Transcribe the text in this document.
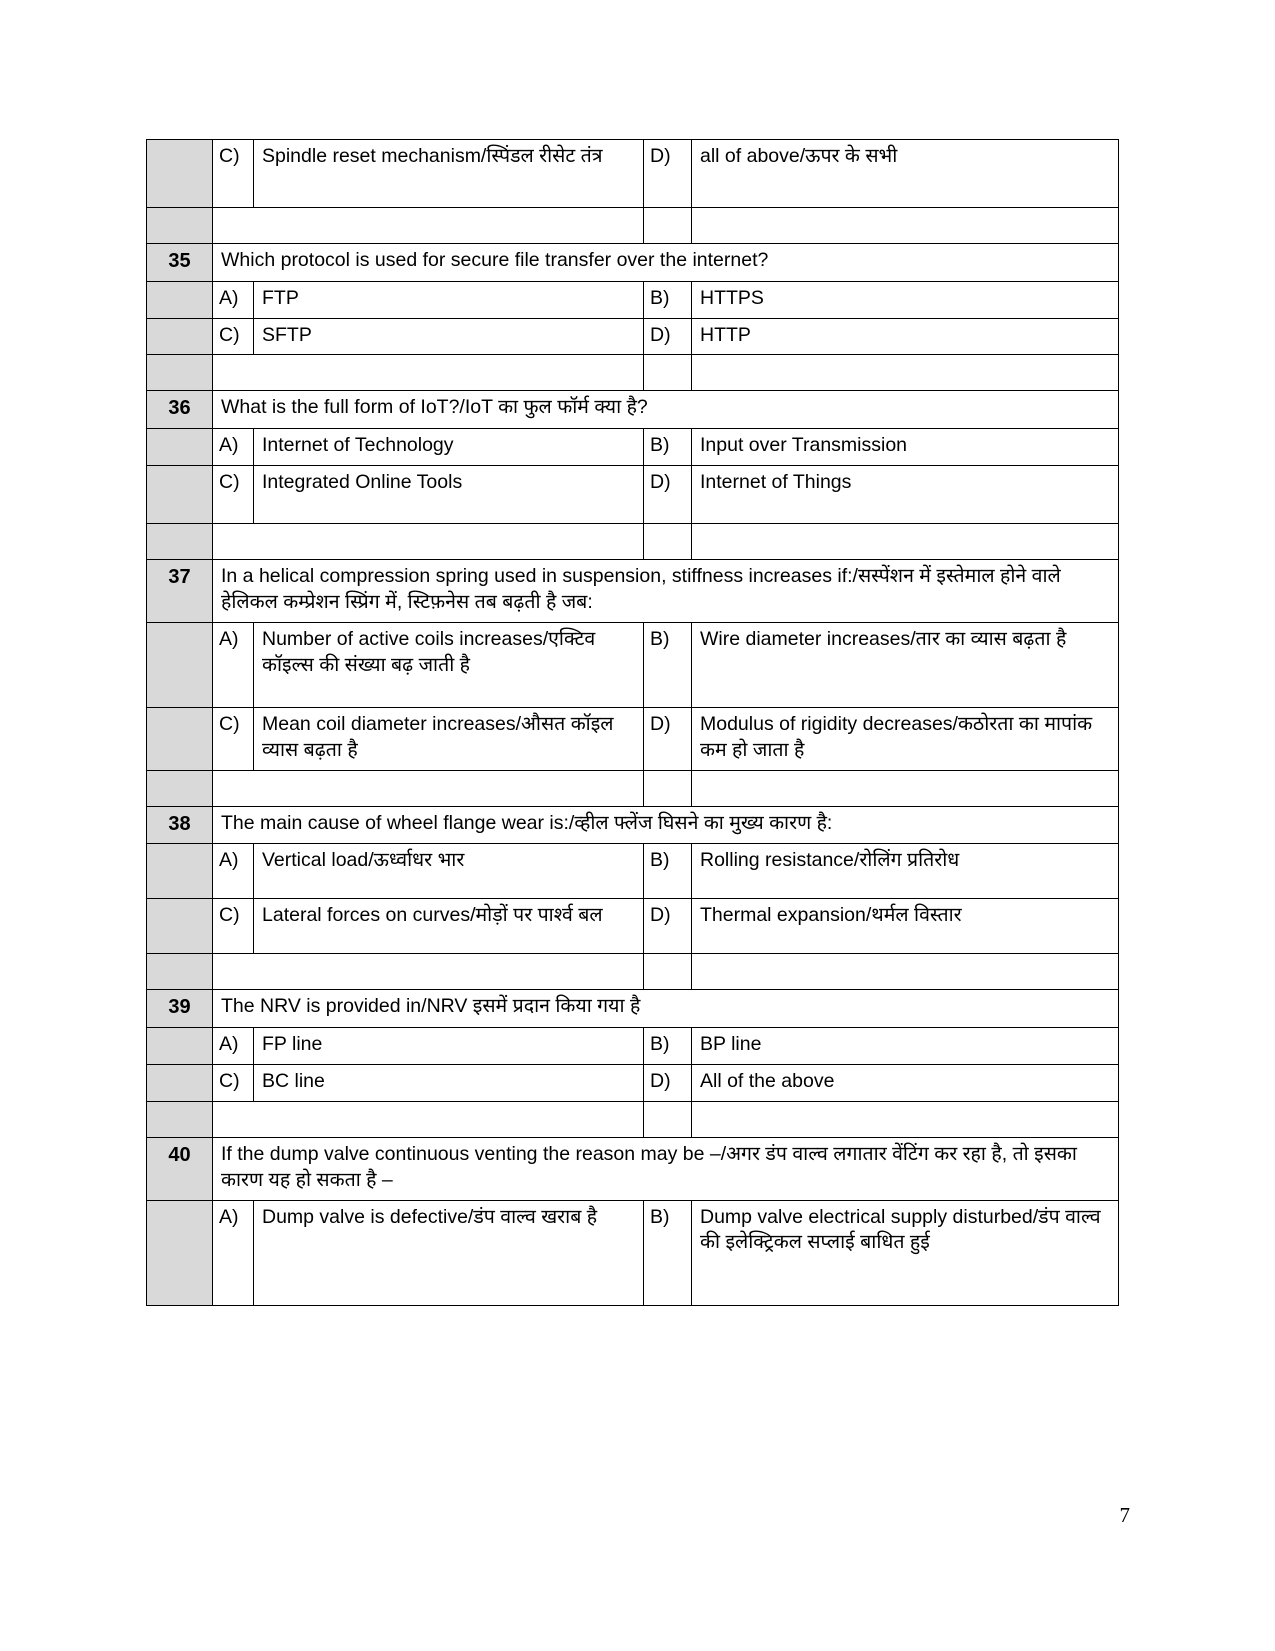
	C)	Spindle reset mechanism/स्पिंडल रीसेट तंत्र	D)	all of above/ऊपर के सभी

35	Which protocol is used for secure file transfer over the internet?			
	A)	FTP	B)	HTTPS
	C)	SFTP	D)	HTTP

36	What is the full form of IoT?/IoT का फुल फॉर्म क्या है?			
	A)	Internet of Technology	B)	Input over Transmission
	C)	Integrated Online Tools	D)	Internet of Things

37	In a helical compression spring used in suspension, stiffness increases if:/सस्पेंशन में इस्तेमाल होने वाले हेलिकल कम्प्रेशन स्प्रिंग में, स्टिफ़नेस तब बढ़ती है जब:			
	A)	Number of active coils increases/एक्टिव कॉइल्स की संख्या बढ़ जाती है	B)	Wire diameter increases/तार का व्यास बढ़ता है
	C)	Mean coil diameter increases/औसत कॉइल व्यास बढ़ता है	D)	Modulus of rigidity decreases/कठोरता का मापांक कम हो जाता है

38	The main cause of wheel flange wear is:/व्हील फ्लेंज घिसने का मुख्य कारण है:			
	A)	Vertical load/ऊर्ध्वाधर भार	B)	Rolling resistance/रोलिंग प्रतिरोध
	C)	Lateral forces on curves/मोड़ों पर पार्श्व बल	D)	Thermal expansion/थर्मल विस्तार

39	The NRV is provided in/NRV इसमें प्रदान किया गया है			
	A)	FP line	B)	BP line
	C)	BC line	D)	All of the above

40	If the dump valve continuous venting the reason may be –/अगर डंप वाल्व लगातार वेंटिंग कर रहा है, तो इसका कारण यह हो सकता है –			
	A)	Dump valve is defective/डंप वाल्व खराब है	B)	Dump valve electrical supply disturbed/डंप वाल्व की इलेक्ट्रिकल सप्लाई बाधित हुई
7
